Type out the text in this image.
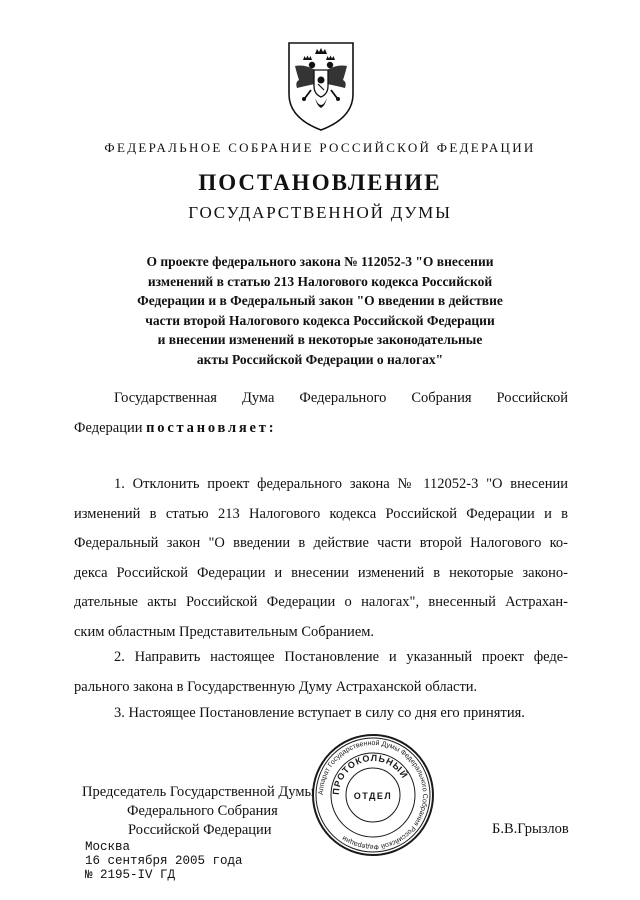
ФЕДЕРАЛЬНОЕ СОБРАНИЕ РОССИЙСКОЙ ФЕДЕРАЦИИ
ПОСТАНОВЛЕНИЕ
ГОСУДАРСТВЕННОЙ ДУМЫ
О проекте федерального закона № 112052-3 "О внесении
изменений в статью 213 Налогового кодекса Российской
Федерации и в Федеральный закон "О введении в действие
части второй Налогового кодекса Российской Федерации
и внесении изменений в некоторые законодательные
акты Российской Федерации о налогах"
Государственная Дума Федерального Собрания Российской
Федерации постановляет:
1. Отклонить проект федерального закона № 112052-3 "О внесении
изменений в статью 213 Налогового кодекса Российской Федерации и в
Федеральный закон "О введении в действие части второй Налогового ко-
декса Российской Федерации и внесении изменений в некоторые законо-
дательные акты Российской Федерации о налогах", внесенный Астрахан-
ским областным Представительным Собранием.
2. Направить настоящее Постановление и указанный проект феде-
рального закона в Государственную Думу Астраханской области.
3. Настоящее Постановление вступает в силу со дня его принятия.
Председатель Государственной Думы
Федерального Собрания
Российской Федерации	Б.В.Грызлов
Москва
16 сентября 2005 года
№ 2195-IV ГД
Аппарат Государственной Думы Федерального Собрания Российской Федерации
ПРОТОКОЛЬНЫЙ
ОТДЕЛ
